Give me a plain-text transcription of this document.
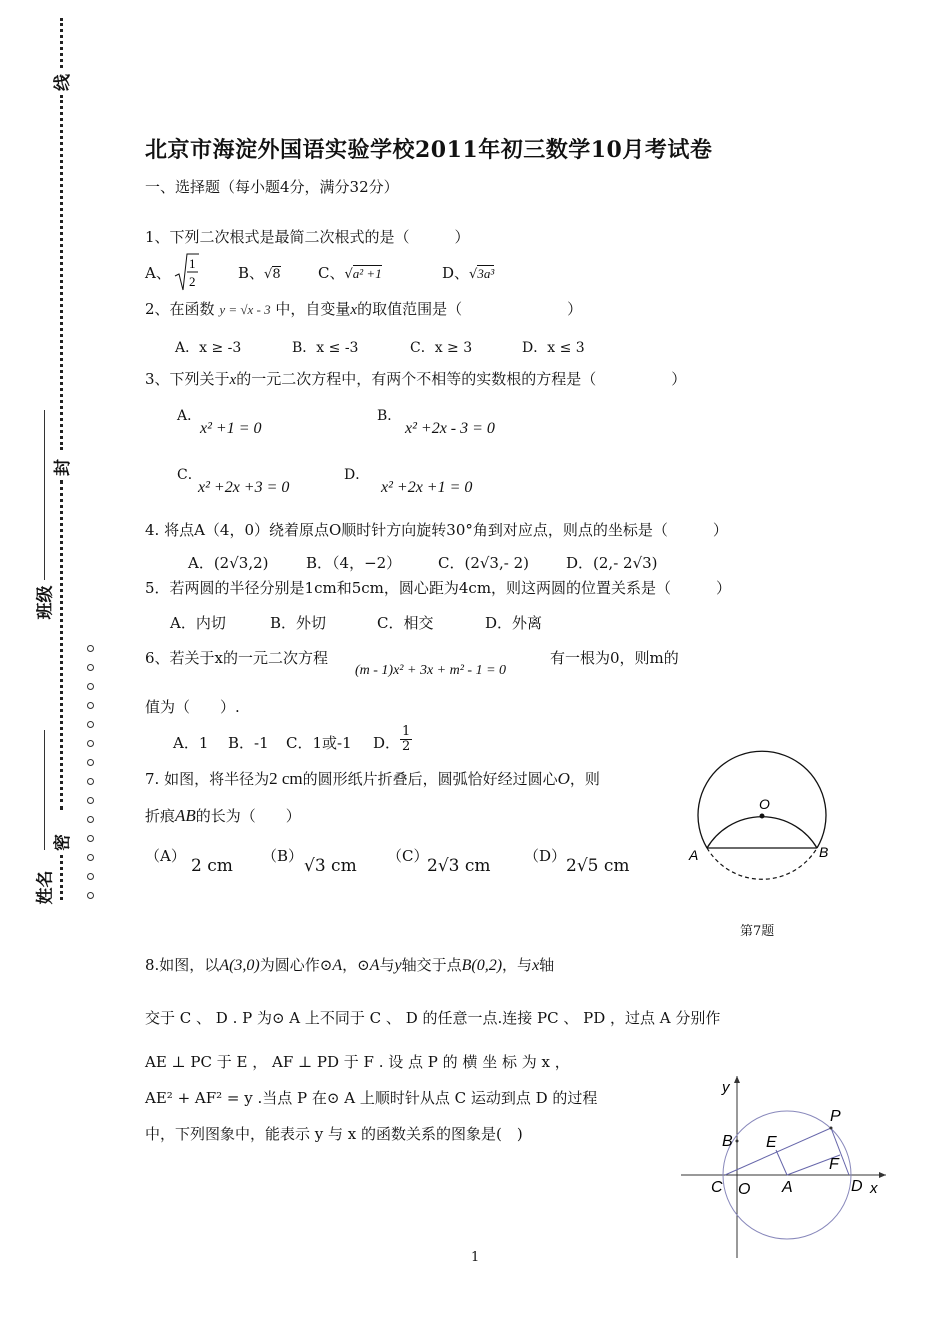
线
封
密
班级
姓名
北京市海淀外国语实验学校2011年初三数学10月考试卷
一、选择题（每小题4分，满分32分）
1、下列二次根式是最简二次根式的是（　　　）
A、
1
2	B、√8 C、√a² +1	D、√3a³
2、在函数 y = √x - 3 中，自变量x的取值范围是（　　　　　　　）
A．x ≥ -3	B．x ≤ -3	C．x ≥ 3	D．x ≤ 3
3、下列关于x的一元二次方程中，有两个不相等的实数根的方程是（　　　　　）
A．
x² +1 = 0
B．
x² +2x - 3 = 0
C．
x² +2x +3 = 0
D．
x² +2x +1 = 0
4. 将点A（4，0）绕着原点O顺时针方向旋转30°角到对应点，则点的坐标是（　　　）
A．(2√3,2)	B．（4，−2） C．(2√3,- 2) D．(2,- 2√3)
5．若两圆的半径分别是1cm和5cm，圆心距为4cm，则这两圆的位置关系是（　　　）
A．内切	B．外切	C．相交	D．外离
6、若关于x的一元二次方程
(m - 1)x² + 3x + m² - 1 = 0
有一根为0，则m的
值为（　　）.
A．1 B．-1 C．1或-1 D． $\frac{1}{2}$
7. 如图，将半径为2 cm的圆形纸片折叠后，圆弧恰好经过圆心O，则
折痕AB的长为（　　）
（A） 2 cm （B） √3 cm （C）
2√3 cm （D） 2√5 cm
O
A	B
第7题
8.如图，以A(3,0)为圆心作⊙A，⊙A与y轴交于点B(0,2)，与x轴
交于 C 、 D . P 为⊙ A 上不同于 C 、 D 的任意一点.连接 PC 、 PD ，过点 A 分别作
AE ⊥ PC 于 E ， AF ⊥ PD 于 F . 设 点 P 的 横 坐 标 为 x ，
AE² + AF² = y .当点 P 在⊙ A 上顺时针从点 C 运动到点 D 的过程
中，下列图象中，能表示 y 与 x 的函数关系的图象是(　)
y
x
P
B E
F
C O A	D
1
